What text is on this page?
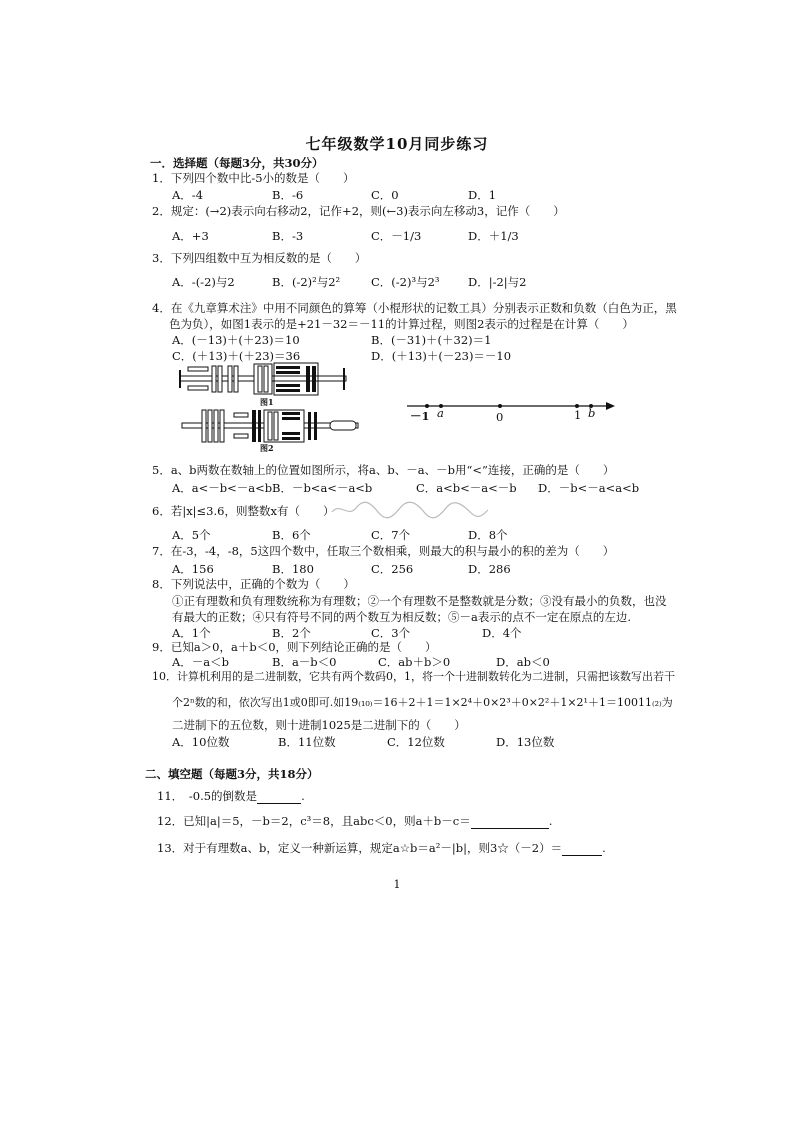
七年级数学10月同步练习
一．选择题（每题3分，共30分）
1．下列四个数中比-5小的数是（　　）
A．-4	B．-6	C．0	D．1
2．规定：(→2)表示向右移动2，记作+2，则(←3)表示向左移动3，记作（　　）
A．+3	B．-3	C．－1/3	D．＋1/3
3．下列四组数中互为相反数的是（　　）
A．-(-2)与2	B．(-2)²与2²	C．(-2)³与2³ D．|-2|与2
4．在《九章算术注》中用不同颜色的算筹（小棍形状的记数工具）分别表示正数和负数（白色为正，黑
色为负），如图1表示的是+21－32＝－11的计算过程，则图2表示的过程是在计算（　　）
A．(－13)＋(＋23)＝10	B．(－31)＋(＋32)＝1
C．(＋13)＋(＋23)＝36	D．(＋13)＋(－23)＝－10
图1
图2
－1 a	0	1 b
5．a、b两数在数轴上的位置如图所示，将a、b、－a、－b用“<”连接，正确的是（　　）
A．a<－b<－a<b B．－b<a<－a<b	C．a<b<－a<－b D．－b<－a<a<b
6．若|x|≤3.6，则整数x有（　　）
A．5个	B．6个	C．7个	D．8个
7．在-3，-4，-8，5这四个数中，任取三个数相乘，则最大的积与最小的积的差为（　　）
A．156	B．180	C．256	D．286
8．下列说法中，正确的个数为（　　）
①正有理数和负有理数统称为有理数；②一个有理数不是整数就是分数；③没有最小的负数，也没
有最大的正数；④只有符号不同的两个数互为相反数；⑤－a表示的点不一定在原点的左边.
A．1个	B．2个	C．3个	D．4个
9．已知a＞0，a＋b＜0，则下列结论正确的是（　　）
A．－a＜b	B．a－b＜0	C．ab＋b＞0	D．ab＜0
10．计算机利用的是二进制数，它共有两个数码0，1，将一个十进制数转化为二进制，只需把该数写出若干
个2ⁿ数的和，依次写出1或0即可.如19₍₁₀₎＝16＋2＋1＝1×2⁴＋0×2³＋0×2²＋1×2¹＋1＝10011₍₂₎为
二进制下的五位数，则十进制1025是二进制下的（　　）
A．10位数	B．11位数	C．12位数	D．13位数
二、填空题（每题3分，共18分）
11．　-0.5的倒数是	.
12．已知|a|＝5，－b＝2，c³＝8，且abc＜0，则a＋b－c＝	.
13．对于有理数a、b，定义一种新运算，规定a☆b＝a²－|b|，则3☆（－2）＝	.
1
